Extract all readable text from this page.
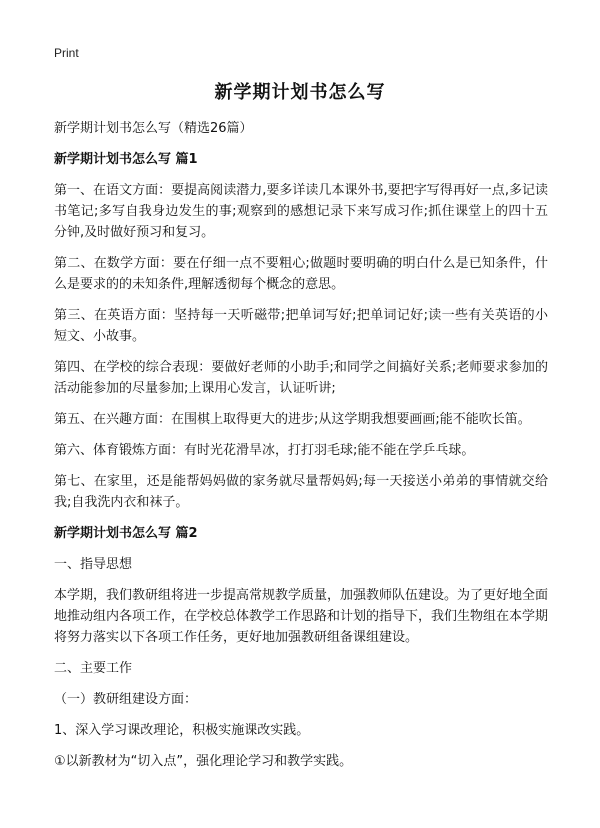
Print
新学期计划书怎么写

新学期计划书怎么写（精选26篇）

新学期计划书怎么写 篇1

第一、在语文方面：要提高阅读潜力,要多详读几本课外书,要把字写得再好一点,多记读书笔记;多写自我身边发生的事;观察到的感想记录下来写成习作;抓住课堂上的四十五分钟,及时做好预习和复习。

第二、在数学方面：要在仔细一点不要粗心;做题时要明确的明白什么是已知条件，什么是要求的的未知条件,理解透彻每个概念的意思。

第三、在英语方面：坚持每一天听磁带;把单词写好;把单词记好;读一些有关英语的小短文、小故事。

第四、在学校的综合表现：要做好老师的小助手;和同学之间搞好关系;老师要求参加的活动能参加的尽量参加;上课用心发言，认证听讲;

第五、在兴趣方面：在围棋上取得更大的进步;从这学期我想要画画;能不能吹长笛。

第六、体育锻炼方面：有时光花滑旱冰，打打羽毛球;能不能在学乒乓球。

第七、在家里，还是能帮妈妈做的家务就尽量帮妈妈;每一天接送小弟弟的事情就交给我;自我洗内衣和袜子。

新学期计划书怎么写 篇2

一、指导思想

本学期，我们教研组将进一步提高常规教学质量，加强教师队伍建设。为了更好地全面地推动组内各项工作，在学校总体教学工作思路和计划的指导下，我们生物组在本学期将努力落实以下各项工作任务，更好地加强教研组备课组建设。

二、主要工作

（一）教研组建设方面：

1、深入学习课改理论，积极实施课改实践。

①以新教材为“切入点”，强化理论学习和教学实践。
